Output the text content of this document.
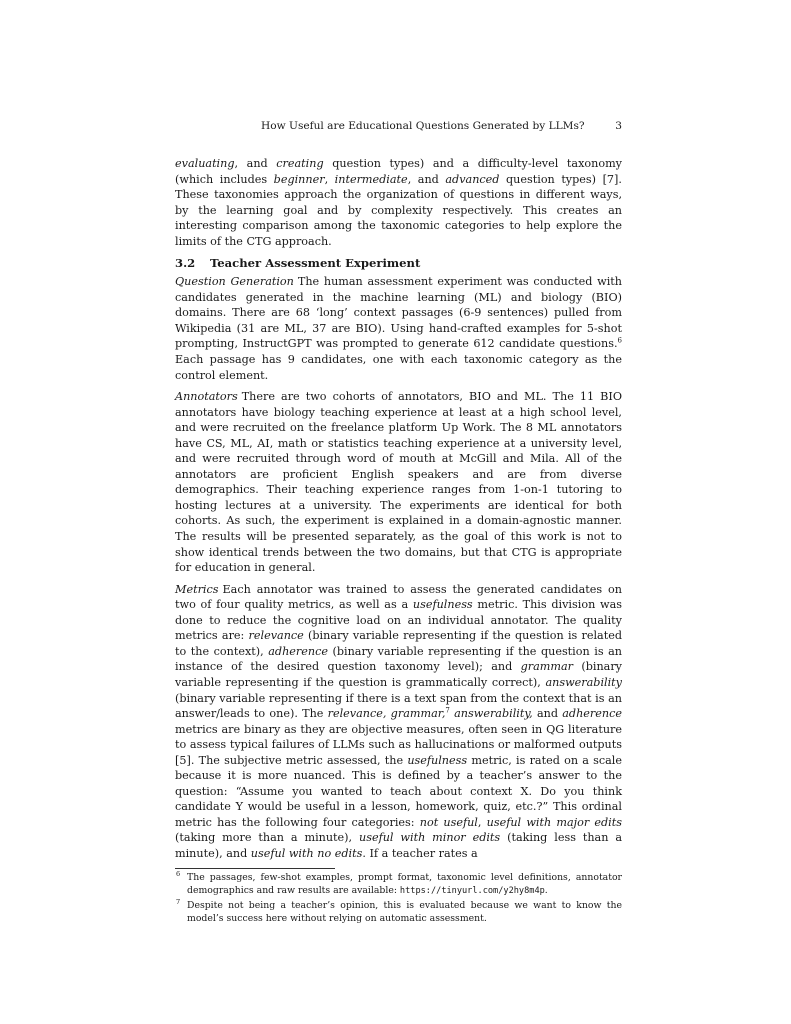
How Useful are Educational Questions Generated by LLMs?	3

evaluating, and creating question types) and a difficulty-level taxonomy (which includes beginner, intermediate, and advanced question types) [7]. These taxonomies approach the organization of questions in different ways, by the learning goal and by complexity respectively. This creates an interesting comparison among the taxonomic categories to help explore the limits of the CTG approach.

3.2 Teacher Assessment Experiment

Question Generation The human assessment experiment was conducted with candidates generated in the machine learning (ML) and biology (BIO) domains. There are 68 ‘long’ context passages (6-9 sentences) pulled from Wikipedia (31 are ML, 37 are BIO). Using hand-crafted examples for 5-shot prompting, InstructGPT was prompted to generate 612 candidate questions.$^6$ Each passage has 9 candidates, one with each taxonomic category as the control element.

Annotators There are two cohorts of annotators, BIO and ML. The 11 BIO annotators have biology teaching experience at least at a high school level, and were recruited on the freelance platform Up Work. The 8 ML annotators have CS, ML, AI, math or statistics teaching experience at a university level, and were recruited through word of mouth at McGill and Mila. All of the annotators are proficient English speakers and are from diverse demographics. Their teaching experience ranges from 1-on-1 tutoring to hosting lectures at a university. The experiments are identical for both cohorts. As such, the experiment is explained in a domain-agnostic manner. The results will be presented separately, as the goal of this work is not to show identical trends between the two domains, but that CTG is appropriate for education in general.

Metrics Each annotator was trained to assess the generated candidates on two of four quality metrics, as well as a usefulness metric. This division was done to reduce the cognitive load on an individual annotator. The quality metrics are: relevance (binary variable representing if the question is related to the context), adherence (binary variable representing if the question is an instance of the desired question taxonomy level); and grammar (binary variable representing if the question is grammatically correct), answerability (binary variable representing if there is a text span from the context that is an answer/leads to one). The relevance, grammar,$^7$ answerability, and adherence metrics are binary as they are objective measures, often seen in QG literature to assess typical failures of LLMs such as hallucinations or malformed outputs [5]. The subjective metric assessed, the usefulness metric, is rated on a scale because it is more nuanced. This is defined by a teacher’s answer to the question: “Assume you wanted to teach about context X. Do you think candidate Y would be useful in a lesson, homework, quiz, etc.?” This ordinal metric has the following four categories: not useful, useful with major edits (taking more than a minute), useful with minor edits (taking less than a minute), and useful with no edits. If a teacher rates a

6 The passages, few-shot examples, prompt format, taxonomic level definitions, annotator demographics and raw results are available: https://tinyurl.com/y2hy8m4p.

7 Despite not being a teacher’s opinion, this is evaluated because we want to know the model’s success here without relying on automatic assessment.
